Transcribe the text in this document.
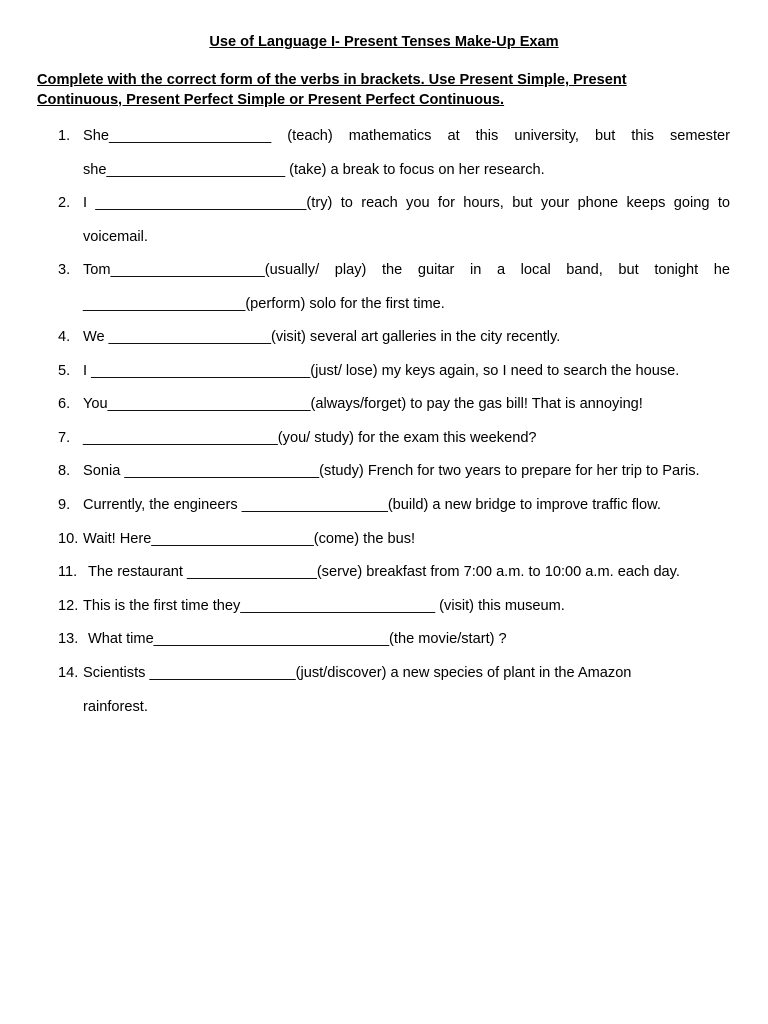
Use of Language I- Present Tenses Make-Up Exam
Complete with the correct form of the verbs in brackets. Use Present Simple, Present Continuous, Present Perfect Simple or Present Perfect Continuous.
1. She____________________ (teach) mathematics at this university, but this semester she______________________ (take) a break to focus on her research.
2. I __________________________(try) to reach you for hours, but your phone keeps going to voicemail.
3. Tom___________________(usually/ play) the guitar in a local band, but tonight he ____________________(perform) solo for the first time.
4. We ____________________(visit) several art galleries in the city recently.
5. I ___________________________(just/ lose) my keys again, so I need to search the house.
6. You_________________________(always/forget) to pay the gas bill! That is annoying!
7. ________________________(you/ study) for the exam this weekend?
8. Sonia ________________________(study) French for two years to prepare for her trip to Paris.
9. Currently, the engineers __________________(build) a new bridge to improve traffic flow.
10. Wait! Here____________________(come) the bus!
11. The restaurant ________________(serve) breakfast from 7:00 a.m. to 10:00 a.m. each day.
12. This is the first time they________________________ (visit) this museum.
13. What time_____________________________(the movie/start) ?
14. Scientists __________________(just/discover) a new species of plant in the Amazon rainforest.
